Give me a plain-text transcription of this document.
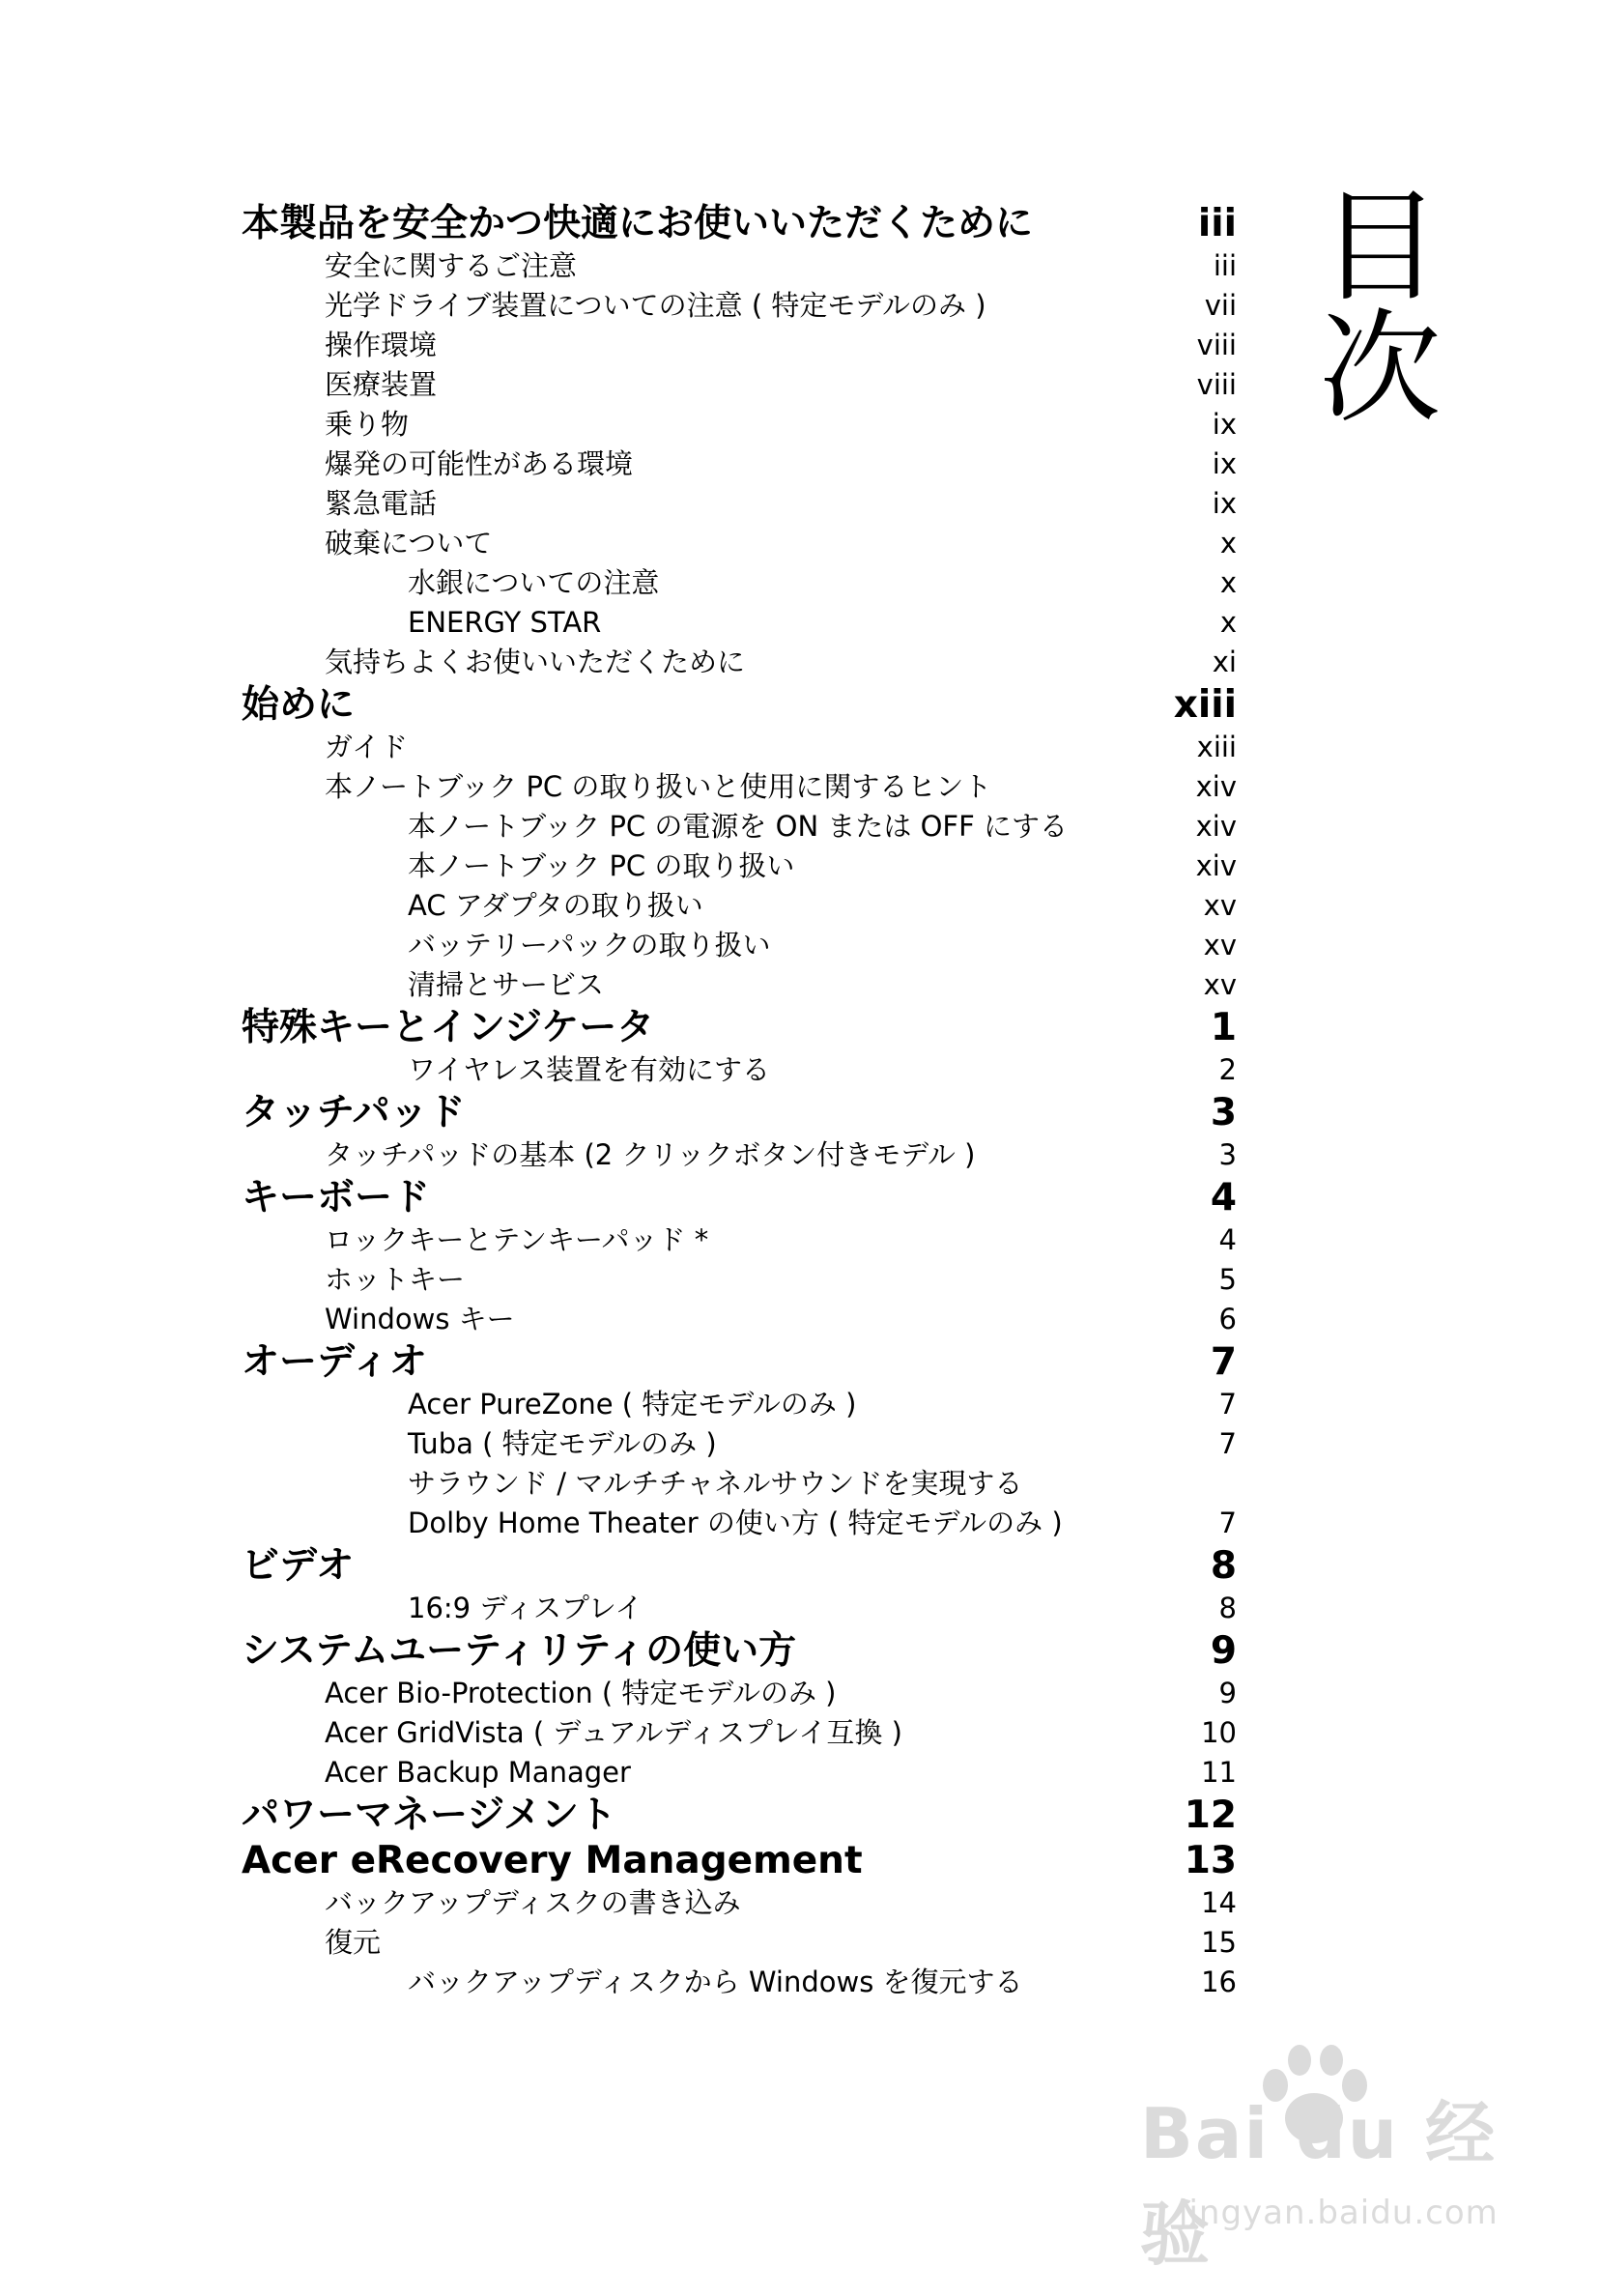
目次
本製品を安全かつ快適にお使いいただくために	iii
安全に関するご注意	iii
光学ドライブ装置についての注意 ( 特定モデルのみ )	vii
操作環境	viii
医療装置	viii
乗り物	ix
爆発の可能性がある環境	ix
緊急電話	ix
破棄について	x
水銀についての注意	x
ENERGY STAR	x
気持ちよくお使いいただくために	xi
始めに	xiii
ガイド	xiii
本ノートブック PC の取り扱いと使用に関するヒント	xiv
本ノートブック PC の電源を ON または OFF にする	xiv
本ノートブック PC の取り扱い	xiv
AC アダプタの取り扱い	xv
バッテリーパックの取り扱い	xv
清掃とサービス	xv
特殊キーとインジケータ	1
ワイヤレス装置を有効にする	2
タッチパッド	3
タッチパッドの基本 (2 クリックボタン付きモデル )	3
キーボード	4
ロックキーとテンキーパッド *	4
ホットキー	5
Windows キー	6
オーディオ	7
Acer PureZone ( 特定モデルのみ )	7
Tuba ( 特定モデルのみ )	7
サラウンド / マルチチャネルサウンドを実現する
Dolby Home Theater の使い方 ( 特定モデルのみ )	7
ビデオ	8
16:9 ディスプレイ	8
システムユーティリティの使い方	9
Acer Bio-Protection ( 特定モデルのみ )	9
Acer GridVista ( デュアルディスプレイ互換 )	10
Acer Backup Manager	11
パワーマネージメント	12
Acer eRecovery Management	13
バックアップディスクの書き込み	14
復元	15
バックアップディスクから Windows を復元する	16
Bai du 经验
jingyan.baidu.com
